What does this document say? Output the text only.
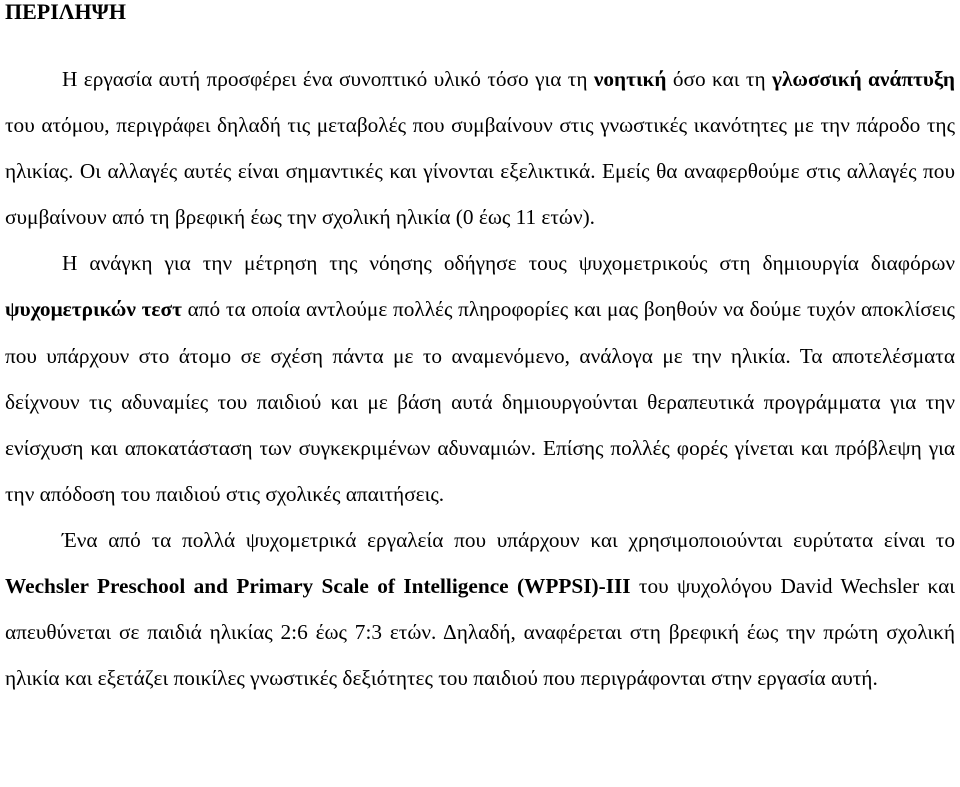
ΠΕΡΙΛΗΨΗ

Η εργασία αυτή προσφέρει ένα συνοπτικό υλικό τόσο για τη νοητική όσο και τη γλωσσική ανάπτυξη του ατόμου, περιγράφει δηλαδή τις μεταβολές που συμβαίνουν στις γνωστικές ικανότητες με την πάροδο της ηλικίας. Οι αλλαγές αυτές είναι σημαντικές και γίνονται εξελικτικά. Εμείς θα αναφερθούμε στις αλλαγές που συμβαίνουν από τη βρεφική έως την σχολική ηλικία (0 έως 11 ετών).

Η ανάγκη για την μέτρηση της νόησης οδήγησε τους ψυχομετρικούς στη δημιουργία διαφόρων ψυχομετρικών τεστ από τα οποία αντλούμε πολλές πληροφορίες και μας βοηθούν να δούμε τυχόν αποκλίσεις που υπάρχουν στο άτομο σε σχέση πάντα με το αναμενόμενο, ανάλογα με την ηλικία. Τα αποτελέσματα δείχνουν τις αδυναμίες του παιδιού και με βάση αυτά δημιουργούνται θεραπευτικά προγράμματα για την ενίσχυση και αποκατάσταση των συγκεκριμένων αδυναμιών. Επίσης πολλές φορές γίνεται και πρόβλεψη για την απόδοση του παιδιού στις σχολικές απαιτήσεις.

Ένα από τα πολλά ψυχομετρικά εργαλεία που υπάρχουν και χρησιμοποιούνται ευρύτατα είναι το Wechsler Preschool and Primary Scale of Intelligence (WPPSI)-III του ψυχολόγου David Wechsler και απευθύνεται σε παιδιά ηλικίας 2:6 έως 7:3 ετών. Δηλαδή, αναφέρεται στη βρεφική έως την πρώτη σχολική ηλικία και εξετάζει ποικίλες γνωστικές δεξιότητες του παιδιού που περιγράφονται στην εργασία αυτή.
